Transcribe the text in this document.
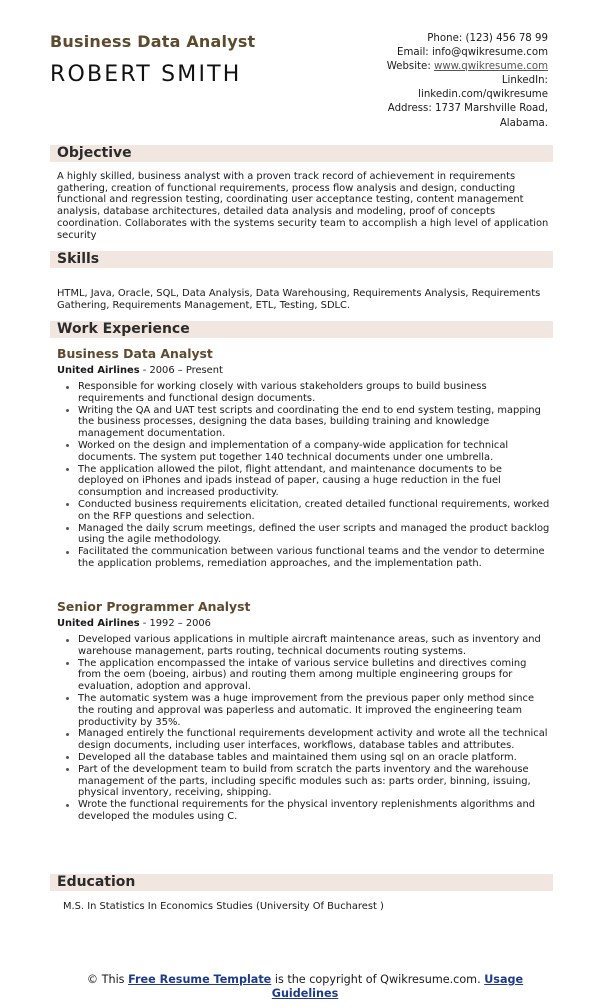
Business Data Analyst
ROBERT SMITH
Phone: (123) 456 78 99
Email: info@qwikresume.com
Website: www.qwikresume.com
LinkedIn:
linkedin.com/qwikresume
Address: 1737 Marshville Road,
Alabama.
Objective
A highly skilled, business analyst with a proven track record of achievement in requirements gathering, creation of functional requirements, process flow analysis and design, conducting functional and regression testing, coordinating user acceptance testing, content management analysis, database architectures, detailed data analysis and modeling, proof of concepts coordination. Collaborates with the systems security team to accomplish a high level of application security
Skills
HTML, Java, Oracle, SQL, Data Analysis, Data Warehousing, Requirements Analysis, Requirements Gathering, Requirements Management, ETL, Testing, SDLC.
Work Experience
Business Data Analyst
United Airlines - 2006 – Present
Responsible for working closely with various stakeholders groups to build business requirements and functional design documents.
Writing the QA and UAT test scripts and coordinating the end to end system testing, mapping the business processes, designing the data bases, building training and knowledge management documentation.
Worked on the design and implementation of a company-wide application for technical documents. The system put together 140 technical documents under one umbrella.
The application allowed the pilot, flight attendant, and maintenance documents to be deployed on iPhones and ipads instead of paper, causing a huge reduction in the fuel consumption and increased productivity.
Conducted business requirements elicitation, created detailed functional requirements, worked on the RFP questions and selection.
Managed the daily scrum meetings, defined the user scripts and managed the product backlog using the agile methodology.
Facilitated the communication between various functional teams and the vendor to determine the application problems, remediation approaches, and the implementation path.
Senior Programmer Analyst
United Airlines - 1992 – 2006
Developed various applications in multiple aircraft maintenance areas, such as inventory and warehouse management, parts routing, technical documents routing systems.
The application encompassed the intake of various service bulletins and directives coming from the oem (boeing, airbus) and routing them among multiple engineering groups for evaluation, adoption and approval.
The automatic system was a huge improvement from the previous paper only method since the routing and approval was paperless and automatic. It improved the engineering team productivity by 35%.
Managed entirely the functional requirements development activity and wrote all the technical design documents, including user interfaces, workflows, database tables and attributes.
Developed all the database tables and maintained them using sql on an oracle platform.
Part of the development team to build from scratch the parts inventory and the warehouse management of the parts, including specific modules such as: parts order, binning, issuing, physical inventory, receiving, shipping.
Wrote the functional requirements for the physical inventory replenishments algorithms and developed the modules using C.
Education
M.S. In Statistics In Economics Studies (University Of Bucharest )
© This Free Resume Template is the copyright of Qwikresume.com. Usage
Guidelines
